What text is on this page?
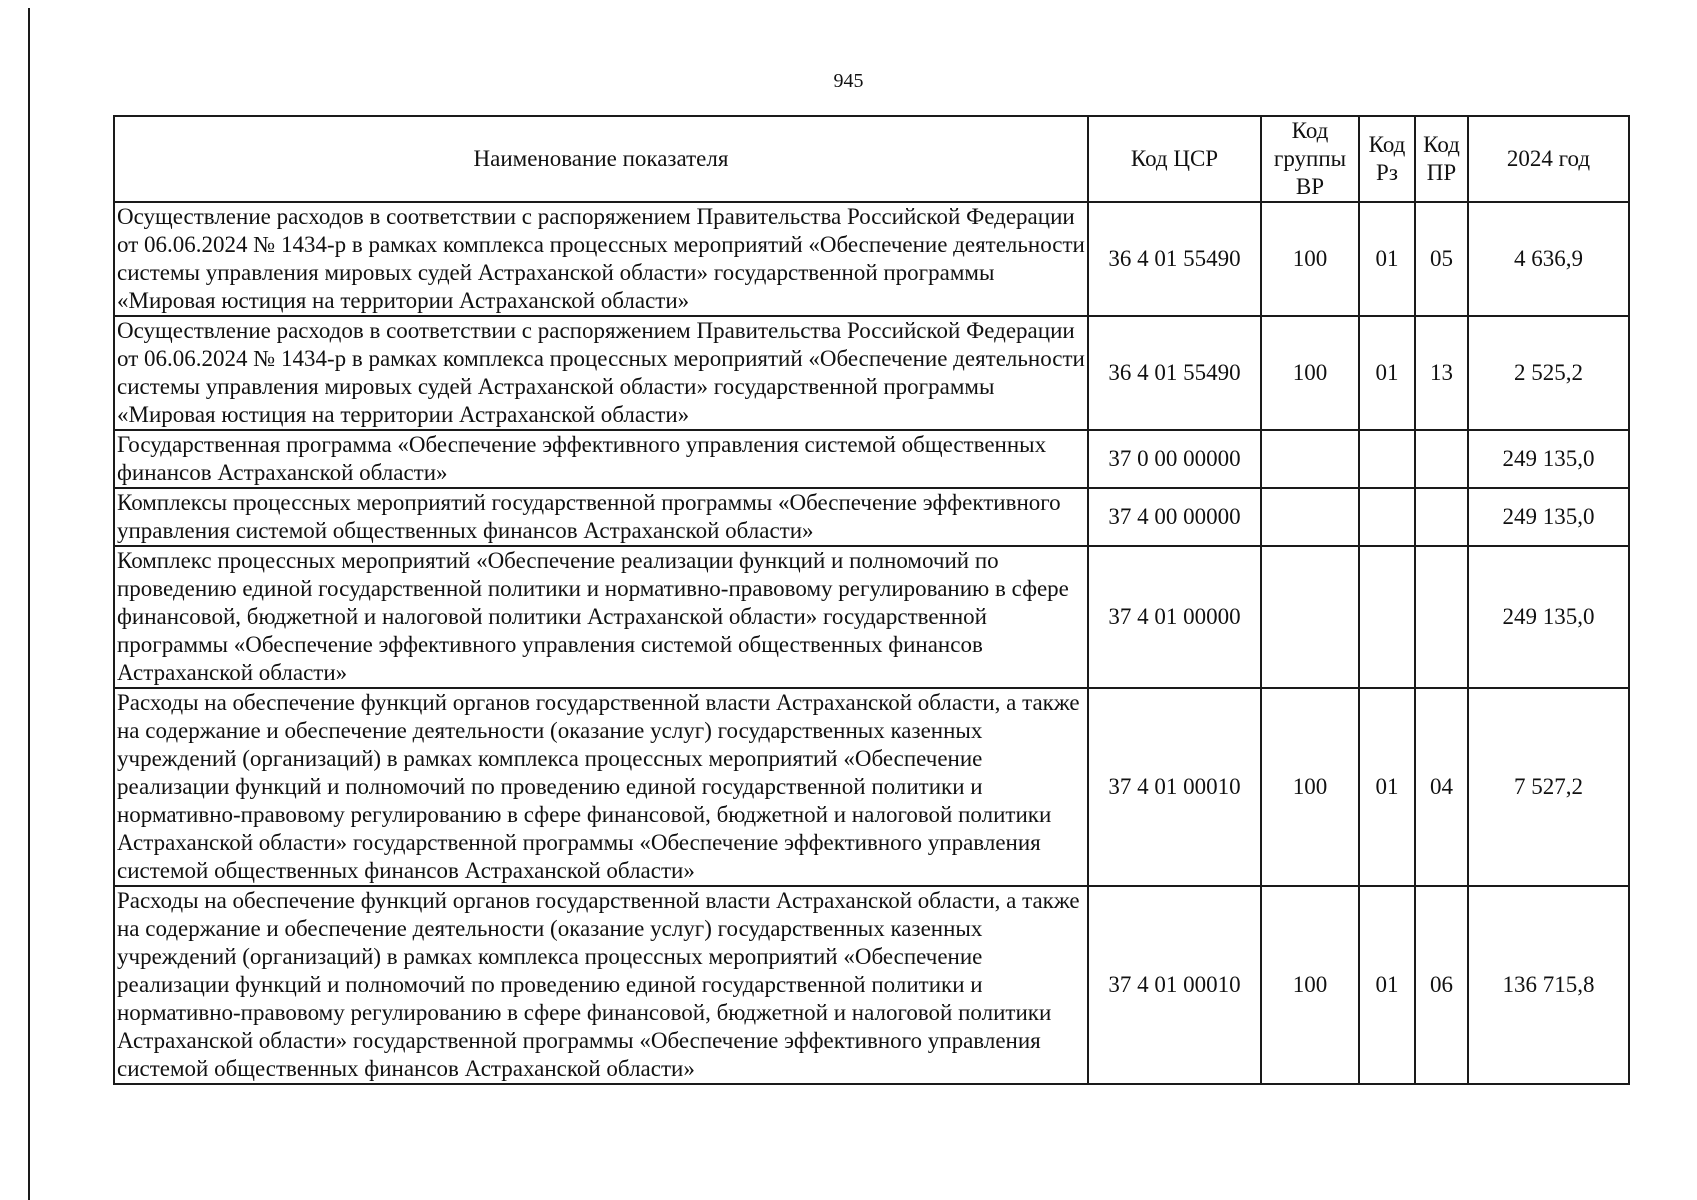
945
Наименование показателя	Код ЦСР	Код группы ВР	Код Рз	Код ПР	2024 год
Осуществление расходов в соответствии с распоряжением Правительства Российской Федерации от 06.06.2024 № 1434-р в рамках комплекса процессных мероприятий «Обеспечение деятельности системы управления мировых судей Астраханской области» государственной программы «Мировая юстиция на территории Астраханской области»	36 4 01 55490	100	01	05	4 636,9
Осуществление расходов в соответствии с распоряжением Правительства Российской Федерации от 06.06.2024 № 1434-р в рамках комплекса процессных мероприятий «Обеспечение деятельности системы управления мировых судей Астраханской области» государственной программы «Мировая юстиция на территории Астраханской области»	36 4 01 55490	100	01	13	2 525,2
Государственная программа «Обеспечение эффективного управления системой общественных финансов Астраханской области»	37 0 00 00000				249 135,0
Комплексы процессных мероприятий государственной программы «Обеспечение эффективного управления системой общественных финансов Астраханской области»	37 4 00 00000				249 135,0
Комплекс процессных мероприятий «Обеспечение реализации функций и полномочий по проведению единой государственной политики и нормативно-правовому регулированию в сфере финансовой, бюджетной и налоговой политики Астраханской области» государственной программы «Обеспечение эффективного управления системой общественных финансов Астраханской области»	37 4 01 00000				249 135,0
Расходы на обеспечение функций органов государственной власти Астраханской области, а также на содержание и обеспечение деятельности (оказание услуг) государственных казенных учреждений (организаций) в рамках комплекса процессных мероприятий «Обеспечение реализации функций и полномочий по проведению единой государственной политики и нормативно-правовому регулированию в сфере финансовой, бюджетной и налоговой политики Астраханской области» государственной программы «Обеспечение эффективного управления системой общественных финансов Астраханской области»	37 4 01 00010	100	01	04	7 527,2
Расходы на обеспечение функций органов государственной власти Астраханской области, а также на содержание и обеспечение деятельности (оказание услуг) государственных казенных учреждений (организаций) в рамках комплекса процессных мероприятий «Обеспечение реализации функций и полномочий по проведению единой государственной политики и нормативно-правовому регулированию в сфере финансовой, бюджетной и налоговой политики Астраханской области» государственной программы «Обеспечение эффективного управления системой общественных финансов Астраханской области»	37 4 01 00010	100	01	06	136 715,8
